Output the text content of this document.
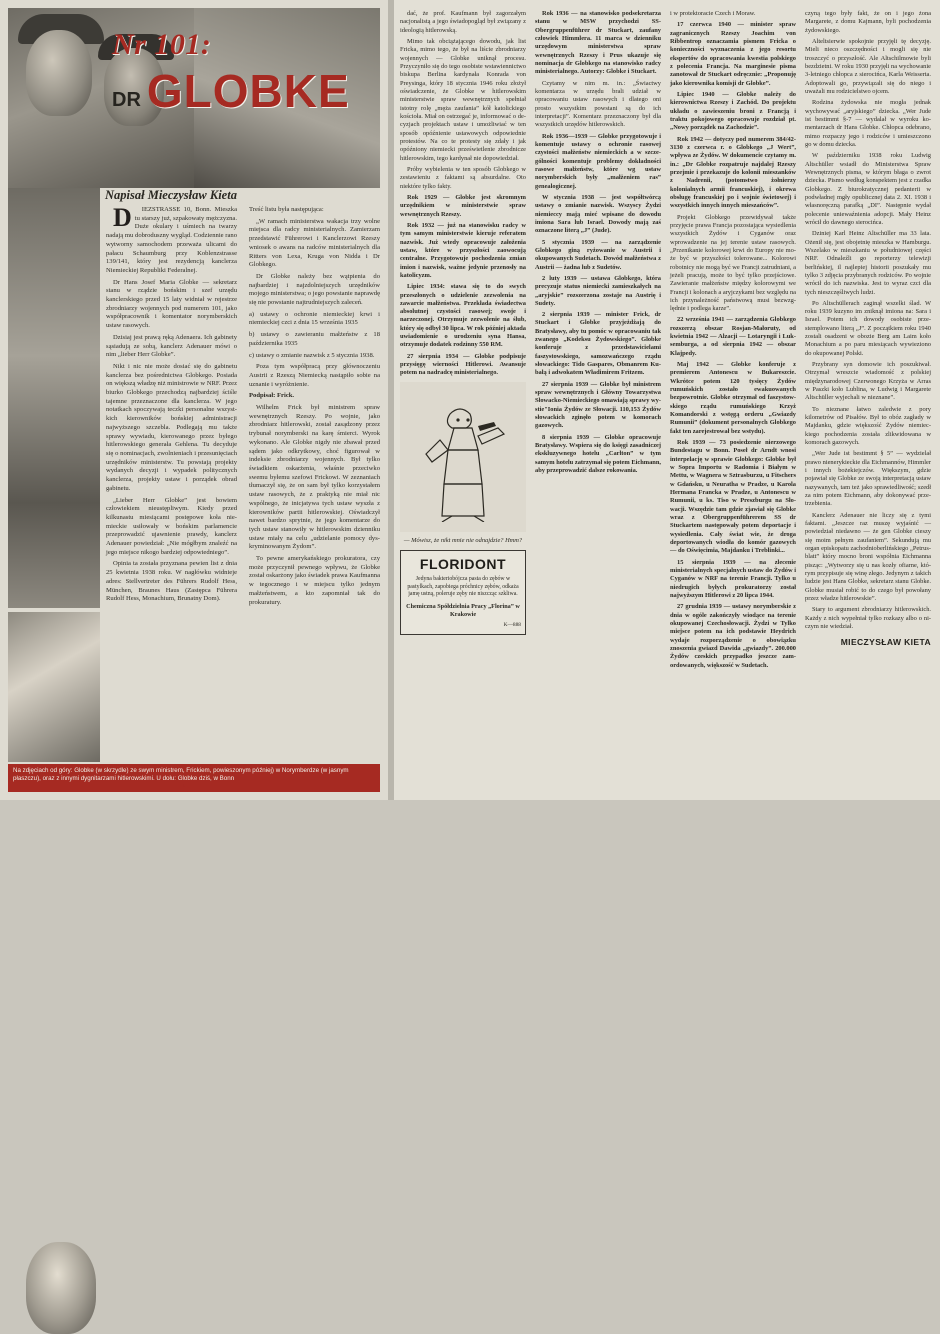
Nr 101:
DR GLOBKE
Napisał Mieczysław Kieta

DIEZSTRASSE 10, Bonn. Mieszka tu starszy już, szpakowaty mężczyzna. Duże okulary i uśmiech na twarzy nadają mu dobroduszny wygląd. Codziennie rano wytworny samochodem przeważa ulicami do pałacu Schaumburg przy Koblenzstrasse 139/141, który jest rezydencją kanclerza Niemieckiej Republiki Federalnej.

Dr Hans Josef Maria Globke — sekretarz stanu w rządzie bońskim i szef urzędu kanclerskiego przed 15 laty widniał w rejestrze zbrodniarzy wojennych pod numerem 101, jako współpracownik i komentator norymberskich ustaw rasowych.

Dzisiaj jest prawą ręką Adenaera. Ich gabinety sąsiadują ze sobą, kanclerz Adenauer mówi o nim „lieber Herr Globke”.

Nikt i nic nie może dosiać się do gabinetu kanclerza bez pośrednictwa Globkego. Posiada on większą władzę niż ministrowie w NRF. Przez biurko Globkego przechodzą najbardziej ściśle tajemne przeznaczone dla kanclerza. W jego notatkach spoczywają teczki personalne wszystkich kierowników bońskiej administracji najwyższego szczebla. Podlegają mu także sprawy wywiadu, kierowanego przez byłego hitlerowskiego generała Gehlena. Tu decyduje się o nominacjach, zwolnieniach i przesunięciach urzędników ministerstw. Tu powstają projekty wydanych decyzji i wypadek politycznych kanclerza, projekty ustaw i porządek obrad gabinetu.

„Lieber Herr Globke” jest bowiem człowiekiem nieustępliwym. Kiedy przed kilkunastu miesiącami postępowe koła niemieckie usiłowały w bońskim parlamencie przeprowadzić ujawnienie prawdy, kanclerz Adenauer powiedział: „Nie mógłbym znaleźć na jego miejsce nikogo bardziej odpowiedniego”.

Opinia ta została przyznana pewien list z dnia 25 kwietnia 1938 roku. W nagłówku widnieje adres: Stellvertreter des Führers Rudolf Hess, München, Braunes Haus (Zastępca Führera Rudolf Hess, Monachium, Brunatny Dom).

Treść listu była następująca:

„W ramach ministerstwa wakacja trzy wolne miejsca dla radcy ministerialnych. Zamierzam przedstawić Führerowi i Kanclerzowi Rzeszy wniosek o awans na radców ministerialnych dla Ritters von Lexa, Kruga von Nidda i Dr Globkego.

Dr Globke należy bez wątpienia do najbardziej i najzdolniejszych urzędników mojego ministerstwa; o jego powstanie naprawdę się nie powstanie najtrudniejszych zaleceń.

a) ustawy o ochronie niemieckiej krwi i niemieckiej czci z dnia 15 września 1935

b) ustawy o zawieraniu małżeństw z 18 października 1935

c) ustawy o zmianie nazwisk z 5 stycznia 1938.

Poza tym współpracą przy głównoczeniu Austrii z Rzeszą Niemiecką nastąpiło sobie na uznanie i wyróżnienie.

Podpisał: Frick.

Wilhelm Frick był ministrem spraw wewnętrznych Rzeszy. Po wojnie, jako zbrodniarz hitlerowski, został zasądzony przez trybunał norymberski na karę śmierci. Wyrok wykonano. Ale Globke nigdy nie zbawał przed sądem jako odkrytkowy, choć figurował w indeksie zbrodniarzy wojennych. Był tylko świadkiem oskarżenia, właśnie przeciwko swemu byłemu szefowi Frickowi. W zeznaniach tłumaczył się, że on sam był tylko korzystałem ustaw rasowych, że z praktyką nie miał nic wspólnego, że inicjatywa tych ustaw wyszła z kierowników partii hitlerowskiej. Oświadczył nawet bardzo sprytnie, że jego komentarze do tych ustaw stanowiły w hitlerowskim dzienniku ustaw miały na celu „udzielanie pomocy dyskryminowanym Żydom”.

To pewne amerykańskiego prokuratora, czy może przyczynił pewnego wpływu, że Globke został oskarżony jako świadek prawa Kaufmanna w tegocznego i w miejscu tylko jednym małżeństwem, a kto zapomniał tak do prokuratury.

Na zdjęciach od góry: Globke (w skrzydle) ze swym ministrem, Frickiem, powieszonym później) w Norymberdze (w jasnym płaszczu), oraz z innymi dygnitarzami hitlerowskimi. U dołu: Globke dziś, w Bonn
5

dać, że prof. Kaufmann był zagorzałym nacjonalistą a jego świadopogląd był związany z ideologią hitlerowską.

Mimo tak obciążającego dowodu, jak list Fricka, mimo tego, że był na liście zbrodniarzy wojennych — Globke uniknął procesu. Przyczyniło się do tego osobiste wstawiennictwo biskupa Berlina kardynała Konrada von Preysinga, który 18 stycznia 1946 roku złożył oświadczenie, że Globke w hitlerowskim ministerstwie spraw wewnętrznych spełniał istotny rolę „męża zaufania” kół katolickiego kościoła. Miał on ostrzegać je, informować o decyzjach projektach ustaw i umożliwiać w ten sposób opóźnienie ustawowych odpowiednie protestów. Na co te protesty się zdały i jak opóźniony niemiecki prześwietlenie zbrodnicze hitlerowskim, tego kardynał nie dopowiedział.

Próby wybielenia w ten sposób Globkego w zestawieniu z faktami są absurdalne. Oto niektóre tylko fakty.

Rok 1929 — Globke jest skromnym urzędnikiem w ministerstwie spraw wewnętrznych Rzeszy.

Rok 1932 — już na stanowisku radcy w tym samym ministerstwie kieruje referatem nazwisk. Już wtedy opracowuje założenia ustaw, które w przyszłości zaowocują centralne. Przygotowuje pochodzenia zmian imion i nazwisk, ważne jedynie przenosły na katolicyzm.

Lipiec 1934: stawa się to do swych przeszłonych o udzielenie zezwolenia na zawarcie małżeństwa. Przekłada świadectwa absolutnej czystości rasowej; swoje i narzeczonej. Otrzymuje zezwolenie na ślub, który się odbył 30 lipca. W rok później aktada uwiadomienie o urodzeniu syna Hansa, otrzymuje dodatek rodzinny 550 RM.

27 sierpnia 1934 — Globke podpisuje przysięgę wierności Hitlerowi. Awansuje potem na nadradcę ministerialnego.

— Mówisz, że nikt mnie nie odnajdzie? Hmm?

FLORIDONT
Jedyna bakteriobójcza pasta do zębów w pastylkach, zapobiega próchnicy zębów, odkaża jamę ustną, poleruje zęby nie niszcząc szkliwa.
Chemiczna Spółdzielnia Pracy „Florina” w Krakowie
K—888

Rok 1936 — na stanowisko podsekretarza stanu w MSW przychodzi SS-Obergruppenführer dr Stuckart, zaufany człowiek Himmlera. 11 marca w dzienniku urzędowym ministerstwa spraw wewnętrznych Rzeszy i Prus ukazuje się nominacja dr Globkego na stanowisko radcy ministerialnego. Autorzy: Globke i Stuckart.

Czytamy w nim m. in.: „Świactwy komentarza w urzędu brali udział w opracowaniu ustaw rasowych i dlatego oni prosto wszystkim powstani są do ich interpretacji”. Komentarz przeznaczony był dla wszystkich urzędów hitlerowskich.

Rok 1936—1939 — Globke przygotowuje i komentuje ustawy o ochronie rasowej czystości małżeństw niemieckich a w szczególności komentuje problemy dokładności rasowe małżeństw, które wg ustaw norymberskich były „małżeniem ras” genealogicznej.

W stycznia 1938 — jest współtwórcą ustawy o zmianie nazwisk. Wszyscy Żydzi niemieccy mają mieć wpisane do dowodu imiona Sara lub Israel. Dowody mają zaś oznaczone literą „J” (Jude).

5 stycznia 1939 — na zarządzenie Globkego giną ryżowanie w Austrii i okupowanych Sudetach. Dowód małżeństwa z Austrii — żadna lub z Sudetów.

2 luty 1939 — ustawa Globkego, która precyzuje status niemiecki zamieszkałych na „aryjskie” rozszerzona zostaje na Austrię i Sudety.

2 sierpnia 1939 — minister Frick, dr Stuckart i Globke przyjeżdżają do Bratysławy, aby tu pomóc w opracowaniu tak zwanego „Kodeksu Żydowskiego”. Globke konferuje z przedstawicielami faszystowskiego, samozwańczego rządu słowackiego: Tido Gaspares, Obmanrem Kubałą i adwokatem Władimirem Fritzem.

27 sierpnia 1939 — Globke był ministrem spraw wewnętrznych i Główny Towarzystwa Słowacko-Niemieckiego omawiają sprawy wystie"Ionia Żydów ze Słowacji. 110,153 Żydów słowackich zginęło potem w komorach gazowych.

8 sierpnia 1939 — Globke opracowuje Bratysławy. Wspiera się do księgi zasadniczej ekskluzywnego hotelu „Carlton” w tym samym hotelu zatrzymał się potem Eichmann, aby przeprowadzić dalsze rokowania.

i w protektoracie Czech i Moraw.

17 czerwca 1940 — minister spraw zagranicznych Rzeszy Joachim von Ribbentrop oznaczamia pismem Fricka o konieczności wyznaczenia z jego resortu ekspertów do opracowania kwestia polskiego z polecenia Francja. Na marginesie pisma zanotował dr Stuckart odręcznie: „Proponuję jako kierownika komisji dr Globke”.

Lipiec 1940 — Globke należy do kierownictwa Rzeszy i Zachód. Do projektu układu o zawieszeniu broni z Francją i traktu pokojowego opracowuje rozdział pt. „Nowy porządek na Zachodzie”.

Rok 1942 — dotyczy pod numerem 384/42-3130 z czerwca r. o Globkego „J Wert”, wpływa ze Żydów. W dokumencie czytamy m. in.: „Dr Globke rozpatruje najdalej Rzeszy przejmie i przekazuje do kolonii mieszanków z Nadrenii, (potomstwo żołnierzy kolonialnych armii francuskiej), i okrewa obsługę francuskiej po i wojnie świetowej) i wszystkich innych innych mieszańców”.

Projekt Globkego przewidywał także przyjęcie prawa Francja pozostająca wysiedlenia wszystkich Żydów i Cyganów oraz wprowadzenie na jej terenie ustaw rasowych. „Przenikanie kolorowej krwi do Europy nie może być w przyszłości tolerowane... Kolorowi robotnicy nie mogą być we Francji zatrudniani, a jeżeli pracują, może to być tylko przejściowe. Zawieranie małżeństw między kolorowymi we Francji i kolonach a aryjczykami bez względu na ich przynależność państwową musi bezwzględnie i podlega karze”.

22 września 1941 — zarządzenia Globkego rozszerzą obszar Rosjan-Małoruty, od kwietnia 1942 — Alzacji — Lotaryngii i Luksemburga, a od sierpnia 1942 — obszar Klajpedy.

Maj 1942 — Globke konferuje z premierem Antonescu w Bukareszcie. Wkrótce potem 120 tysięcy Żydów rumuńskich zostało ewakuowanych bezpowrotnie. Globke otrzymał od faszystowskiego rządu rumuńskiego Krzyż Komandorski z wstęgą orderu „Gwiazdy Rumunii” (dokument personalnych Globkego fakt ten zarejestrował bez wstydu).

Rok 1939 — 73 posiedzenie nierzowego Bundestagu w Bonn. Poseł dr Arndt wnosi interpelację w sprawie Globkego: Globke był w Sopra Importu w Radomia i Białym w Mettu, w Wagnera w Sztrasburzu, u Fitschers w Gdańsku, u Neuratha w Pradze, u Karola Hermana Francka w Pradze, u Antonescu w Rumunii, u ks. Tiso w Preszburgu na Słowacji. Wszędzie tam gdzie zjawiał się Globke wraz z Obergruppenführerem SS dr Stuckartem następowały potem deportacje i wysiedlenia. Cały świat wie, że droga deportowanych wiodła do komór gazowych — do Oświęcimia, Majdanku i Treblinki...

15 sierpnia 1939 — na zlecenie ministerialnych specjalnych ustaw do Żydów i Cyganów w NRF na terenie Francji. Tylko u niedrugich byłych prokuratorzy został najwyższym Hitlerowi z 20 lipca 1944.

27 grudnia 1939 — ustawy norymberskie z dnia w ogóle zakończyły wiodące na terenie okupowanej Czechosłowacji. Żydzi w Tylko miejsce potem na ich podstawie Heydrich wydaje rozporządzenie o obowiązku znoszenia gwiazd Dawida „gwiazdy”. 200.000 Żydów czeskich przypadko jeszcze zamordowanych, większość w Sudetach.

czyną tego były fakt, że on i jego żona Margarete, z domu Kajmann, byli pochodzenia żydowskiego.

Alteltsierwie spokojnie przyjęli tę decyzję. Mieli nieco oszczędności i mogli się nie troszczyć o przyszłość. Ale Altschilmowie byli bezdzietni. W roku 1930 przyjęli na wychowanie 3-letniego chłopca z sierocińca, Karla Weisserta. Adoptowali go, przywiązali się do niego i uważali mu rodzicielstwo ojcem.

Rodzina żydowska nie mogła jednak wychowywać „aryjskiego” dziecka. „Wer Jude ist bestimmt §-7 — wydalał w wyroku komentarzach dr Hans Globke. Chłopca odebrano, mimo rozpaczy jego i rodziców i umieszczono go w domu dziecka.

W październiku 1938 roku Ludwig Altschüller wsiadł do Ministerstwa Spraw Wewnętrznych pisma, w którym błaga o zwrot dziecka. Pismo według konspektem jest z rzadka Globkego. Z biurokratycznej pedanterii w podwładnej mgły opublicznej data 2. XI. 1938 i własnoręczną parafką „DI”. Następnie wydał polecenie uniewaźnienia adopcji. Mały Heinz wrócił do dawnego sierocińca.

Dziniej Karl Heinz Altschüller ma 33 lata. Ożenił się, jest obojetnię mieszka w Hamburgu. Wszelako w mieszkaniu w południowej części NRF. Odnaleźli go reporterzy telewizji berlińskiej, il najlepiej historii poszukały mu tylko 3 zdjęcia przybranych rodziców. Po wojnie wrócił do ich nazwiska. Jest to wyraz czci dla tych nieszczęśliwych ludzi.

Po Altschüllerach zaginął wszelki ślad. W roku 1939 kuzyno im zniknął imiona na: Sara i Israel. Potem ich dowody osobiste przestemplowano literą „J”. Z początkiem roku 1940 zostali osadzeni w obozie Berg am Laim koło Monachium a po paru miesiącach wywieziono do okupowanej Polski.

Przybrany syn domowie ich poszukiwał. Otrzymał wreszcie wiadomość z polskiej międzynarodowej Czerwonego Krzyża w Arras w Paszki koło Lublina, w Ludwig i Margarete Altschüller wyjechali w nieznane”.

To nieznane łatwo zaledwie z pory kilometrów od Pisałów. Był to obóz zagłady w Majdanku, gdzie większość Żydów niemieckiego pochodzenia została zlikwidowana w komorach gazowych.

„Wer Jude ist bestimmt § 5” — wydzielał prawo nienerykieckie dla Eichmannów, Himmler i innych bożekiejczów. Większym, gdzie pojawiał się Globke ze swoją interpretacją ustaw nazywanych, tam też jako sprawiedliwość; szedł za nim potem Eichmann, aby dokonywać przetrzebienia.

Kanclerz Adenauer nie liczy się z tymi faktami. „Jeszcze raz muszę wyjaśnić — powiedział niedawno — że gen Globke cieszy się moim pełnym zaufaniem”. Sekundują mu organ episkopatu zachodnioberlińskiego „Petrusblatt” który mocno broni współnia Eichmanna pisząc: „Wytworzy się u nas kozły ofiarne, którym przypisuje się winę złego. Jedynym z takich ludzie jest Hans Globke, sekretarz stanu Globke. Globke musiał robić to do czego był powołany przez władze hitlerowskie”.

Stary to argument zbrodniarzy hitlerowskich. Każdy z nich wypełniał tylko rozkazy albo o niczym nie wiedział.

MIECZYSŁAW KIETA
